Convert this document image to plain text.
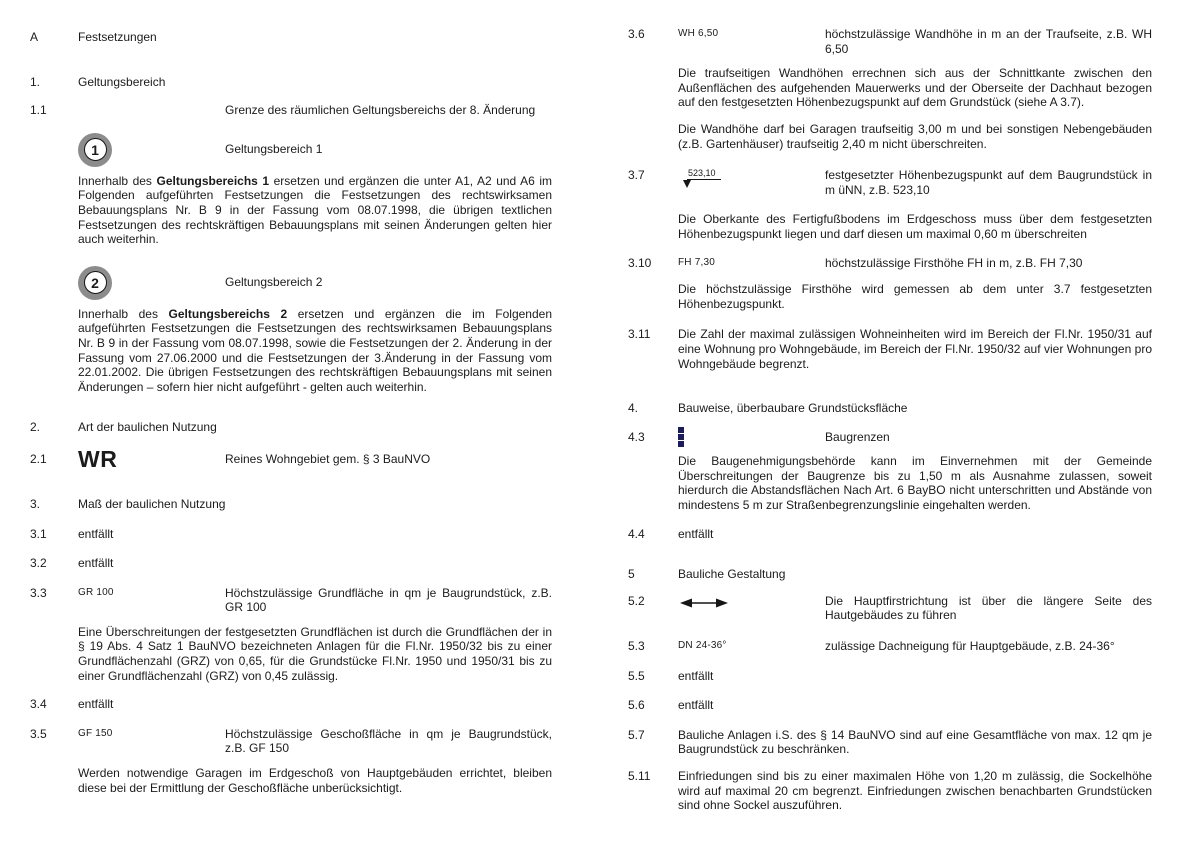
A	Festsetzungen
1.	Geltungsbereich
1.1	Grenze des räumlichen Geltungsbereichs der 8. Änderung

1	Geltungsbereich 1

Innerhalb des Geltungsbereichs 1 ersetzen und ergänzen die unter A1, A2 und A6 im Folgenden aufgeführten Festsetzungen die Festsetzungen des rechtswirksamen Bebauungsplans Nr. B 9 in der Fassung vom 08.07.1998, die übrigen textlichen Festsetzungen des rechtskräftigen Bebauungsplans mit seinen Änderungen gelten hier auch weiterhin.

2	Geltungsbereich 2

Innerhalb des Geltungsbereichs 2 ersetzen und ergänzen die im Folgenden aufgeführten Festsetzungen die Festsetzungen des rechtswirksamen Bebauungsplans Nr. B 9 in der Fassung vom 08.07.1998, sowie die Festsetzungen der 2. Änderung in der Fassung vom 27.06.2000 und die Festsetzungen der 3.Änderung in der Fassung vom 22.01.2002. Die übrigen Festsetzungen des rechtskräftigen Bebauungsplans mit seinen Änderungen – sofern hier nicht aufgeführt - gelten auch weiterhin.

2.	Art der baulichen Nutzung
2.1	WR	Reines Wohngebiet gem. § 3 BauNVO

3.	Maß der baulichen Nutzung
3.1	entfällt
3.2	entfällt
3.3	GR 100	Höchstzulässige Grundfläche in qm je Baugrundstück, z.B. GR 100

Eine Überschreitungen der festgesetzten Grundflächen ist durch die Grundflächen der in § 19 Abs. 4 Satz 1 BauNVO bezeichneten Anlagen für die Fl.Nr. 1950/32 bis zu einer Grundflächenzahl (GRZ) von 0,65, für die Grundstücke Fl.Nr. 1950 und 1950/31 bis zu einer Grundflächenzahl (GRZ) von 0,45 zulässig.

3.4	entfällt
3.5	GF 150	Höchstzulässige Geschoßfläche in qm je Baugrundstück, z.B. GF 150

Werden notwendige Garagen im Erdgeschoß von Hauptgebäuden errichtet, bleiben diese bei der Ermittlung der Geschoßfläche unberücksichtigt.

3.6	WH 6,50	höchstzulässige Wandhöhe in m an der Traufseite, z.B. WH 6,50

Die traufseitigen Wandhöhen errechnen sich aus der Schnittkante zwischen den Außenflächen des aufgehenden Mauerwerks und der Oberseite der Dachhaut bezogen auf den festgesetzten Höhenbezugspunkt auf dem Grundstück (siehe A 3.7).

Die Wandhöhe darf bei Garagen traufseitig 3,00 m und bei sonstigen Nebengebäuden (z.B. Gartenhäuser) traufseitig 2,40 m nicht überschreiten.

3.7	523,10	festgesetzter Höhenbezugspunkt auf dem Baugrundstück in m üNN, z.B. 523,10

Die Oberkante des Fertigfußbodens im Erdgeschoss muss über dem festgesetzten Höhenbezugspunkt liegen und darf diesen um maximal 0,60 m überschreiten

3.10	FH 7,30	höchstzulässige Firsthöhe FH in m, z.B. FH 7,30

Die höchstzulässige Firsthöhe wird gemessen ab dem unter 3.7 festgesetzten Höhenbezugspunkt.

3.11	Die Zahl der maximal zulässigen Wohneinheiten wird im Bereich der Fl.Nr. 1950/31 auf eine Wohnung pro Wohngebäude, im Bereich der Fl.Nr. 1950/32 auf vier Wohnungen pro Wohngebäude begrenzt.

4.	Bauweise, überbaubare Grundstücksfläche
4.3	Baugrenzen

Die Baugenehmigungsbehörde kann im Einvernehmen mit der Gemeinde Überschreitungen der Baugrenze bis zu 1,50 m als Ausnahme zulassen, soweit hierdurch die Abstandsflächen Nach Art. 6 BayBO nicht unterschritten und Abstände von mindestens 5 m zur Straßenbegrenzungslinie eingehalten werden.

4.4	entfällt
5	Bauliche Gestaltung
5.2	Die Hauptfirstrichtung ist über die längere Seite des Hautgebäudes zu führen

5.3	DN 24-36°	zulässige Dachneigung für Hauptgebäude, z.B. 24-36°

5.5	entfällt
5.6	entfällt
5.7	Bauliche Anlagen i.S. des § 14 BauNVO sind auf eine Gesamtfläche von max. 12 qm je Baugrundstück zu beschränken.

5.11	Einfriedungen sind bis zu einer maximalen Höhe von 1,20 m zulässig, die Sockelhöhe wird auf maximal 20 cm begrenzt. Einfriedungen zwischen benachbarten Grundstücken sind ohne Sockel auszuführen.
